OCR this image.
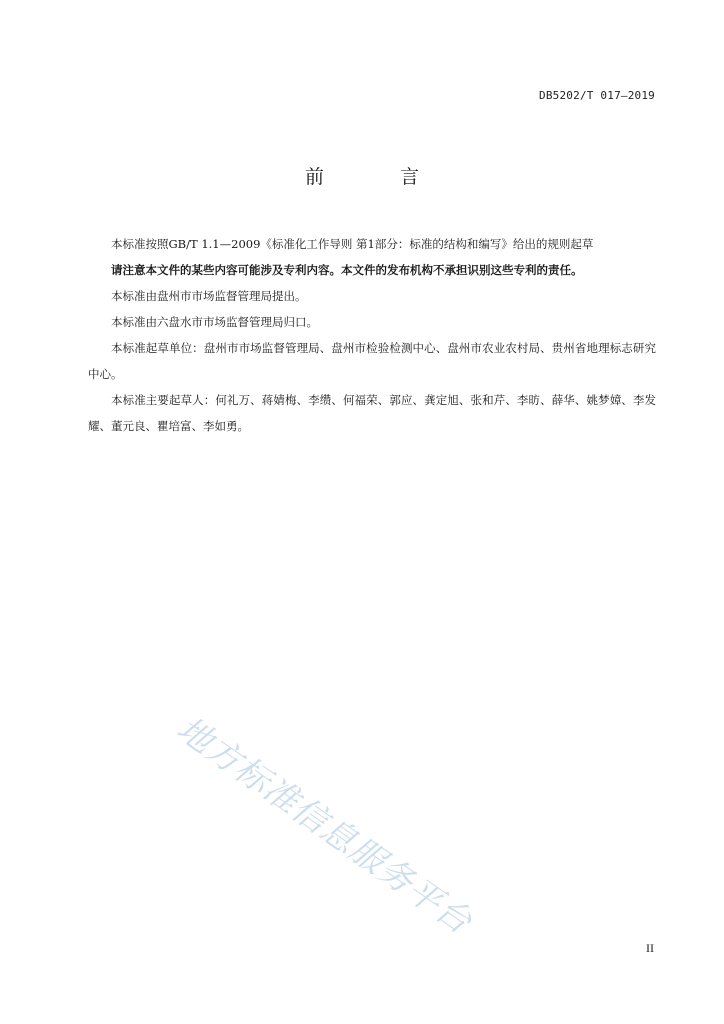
DB5202/T 017—2019
前	言

本标准按照GB/T 1.1—2009《标准化工作导则 第1部分：标准的结构和编写》给出的规则起草

请注意本文件的某些内容可能涉及专利内容。本文件的发布机构不承担识别这些专利的责任。

本标准由盘州市市场监督管理局提出。

本标准由六盘水市市场监督管理局归口。

本标准起草单位：盘州市市场监督管理局、盘州市检验检测中心、盘州市农业农村局、贵州省地理标志研究中心。

本标准主要起草人：何礼万、蒋婧梅、李缵、何福荣、郭应、龚定旭、张和芹、李昉、薛华、姚梦嫜、李发耀、董元良、瞿培富、李如勇。

地方标准信息服务平台
II
